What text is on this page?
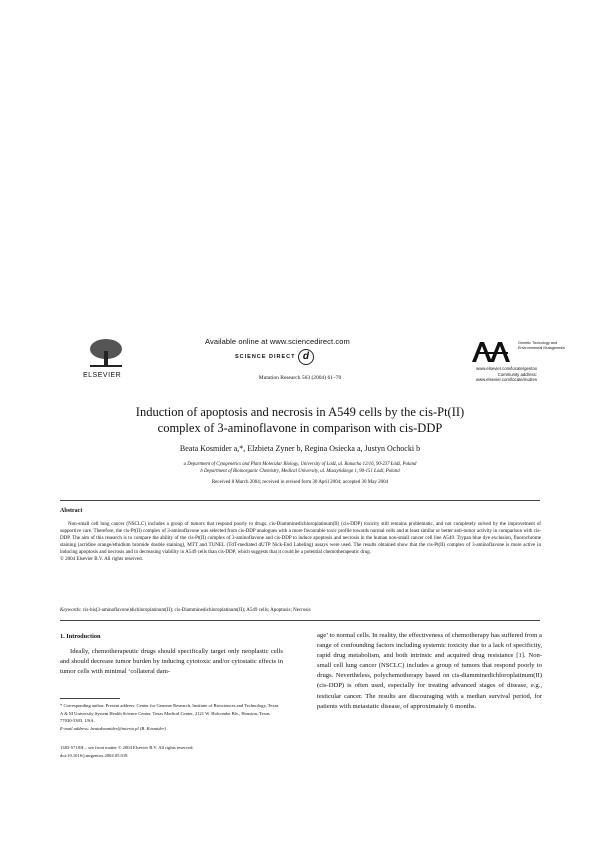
Available online at www.sciencedirect.com
SCIENCE DIRECT d
ELSEVIER	Mutation Research 563 (2004) 61–70
Genetic Toxicology and Environmental Mutagenesis
www.elsevier.com/locate/gentox
Community address: www.elsevier.com/locate/mutres
Induction of apoptosis and necrosis in A549 cells by the cis-Pt(II)
complex of 3-aminoflavone in comparison with cis-DDP
Beata Kosmider a,*, Elzbieta Zyner b, Regina Osiecka a, Justyn Ochocki b
a Department of Cytogenetics and Plant Molecular Biology, University of Łódź, ul. Banacha 12/16, 90-237 Łódź, Poland
b Department of Bioinorganic Chemistry, Medical University, ul. Muszyńskiego 1, 90-151 Łódź, Poland
Received 8 March 2004; received in revised form 30 April 2004; accepted 30 May 2004
Abstract
Non-small cell lung cancer (NSCLC) includes a group of tumors that respond poorly to drugs. cis-Diamminedichloroplatinum(II) (cis-DDP) toxicity still remains problematic, and not completely solved by the improvement of supportive care. Therefore, the cis-Pt(II) complex of 3-aminoflavone was selected from cis-DDP analogues with a more favourable toxic profile towards normal cells and at least similar or better anti-tumor activity in comparison with cis-DDP. The aim of this research is to compare the ability of the cis-Pt(II) complex of 3-aminoflavone and cis-DDP to induce apoptosis and necrosis in the human non-small cancer cell line A549. Trypan blue dye exclusion, fluorochrome staining (acridine orange/ethidium bromide double staining), MTT and TUNEL (TdT-mediated dUTP Nick-End Labeling) assays were used. The results obtained show that the cis-Pt(II) complex of 3-aminoflavone is more active in inducing apoptosis and necrosis and in decreasing viability in A549 cells than cis-DDP, which suggests that it could be a potential chemotherapeutic drug.
© 2004 Elsevier B.V. All rights reserved.
Keywords: cis-bis(3-aminoflavone)dichloroplatinum(II); cis-Diamminedichloroplatinum(II); A549 cells; Apoptosis; Necrosis
1. Introduction
Ideally, chemotherapeutic drugs should specifically target only neoplastic cells and should decrease tumor burden by inducing cytotoxic and/or cytostatic effects in tumor cells with minimal ‘collateral dam-
age’ to normal cells. In reality, the effectiveness of chemotherapy has suffered from a range of confounding factors including systemic toxicity due to a lack of specificity, rapid drug metabolism, and both intrinsic and acquired drug resistance [1]. Non-small cell lung cancer (NSCLC) includes a group of tumors that respond poorly to drugs. Nevertheless, polychemotherapy based on cis-diamminedichloroplatinum(II) (cis-DDP) is often used, especially for treating advanced stages of disease, e.g., testicular cancer. The results are discouraging with a median survival period, for patients with metastatic disease, of approximately 6 months.
* Corresponding author. Present address: Center for Genome Research, Institute of Biosciences and Technology, Texas A & M University System Health Science Center, Texas Medical Center, 2121 W. Holcombe Blv., Houston, Texas 77030-3303, USA.
E-mail address: beatakosmider@interia.pl (B. Kosmider).
1383-5718/$ – see front matter © 2004 Elsevier B.V. All rights reserved.
doi:10.1016/j.mrgentox.2004.05.018
